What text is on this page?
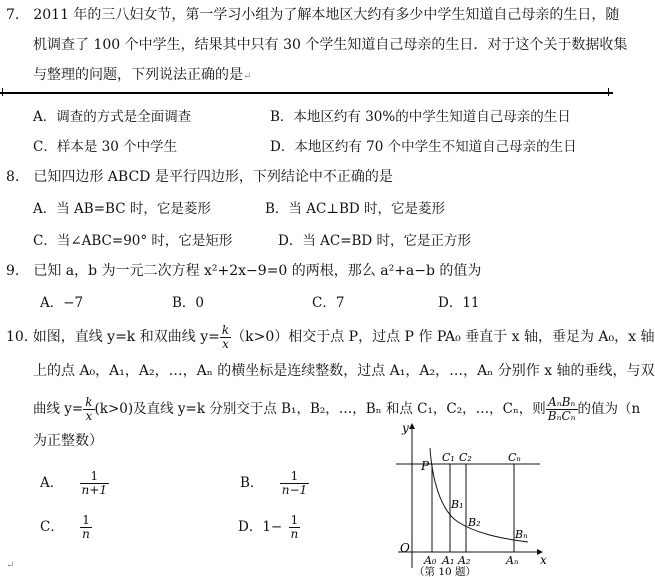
7.　2011 年的三八妇女节，第一学习小组为了解本地区大约有多少中学生知道自己母亲的生日，随
机调查了 100 个中学生，结果其中只有 30 个学生知道自己母亲的生日．对于这个关于数据收集
与整理的问题，下列说法正确的是↵
A．调查的方式是全面调查	B．本地区约有 30%的中学生知道自己母亲的生日
C．样本是 30 个中学生	D．本地区约有 70 个中学生不知道自己母亲的生日
8.　已知四边形 ABCD 是平行四边形，下列结论中不正确的是
A．当 AB=BC 时，它是菱形	B．当 AC⊥BD 时，它是菱形
C．当∠ABC=90° 时，它是矩形	D．当 AC=BD 时，它是正方形
9.　已知 a，b 为一元二次方程 x²+2x−9=0 的两根，那么 a²+a−b 的值为
A．−7	B．0	C．7	D．11
10. 如图，直线 y=k 和双曲线 $y= \frac{k}{x} (k>0)$相交于点 P，过点 P 作 PA₀ 垂直于 x 轴，垂足为 A₀，x 轴
上的点 A₀，A₁，A₂，…，Aₙ 的横坐标是连续整数，过点 A₁，A₂，…，Aₙ 分别作 x 轴的垂线，与双
曲线 $y= \frac{k}{x} (k>0)$及直线 y=k 分别交于点 B₁，B₂，…，Bₙ 和点 C₁，C₂，…，Cₙ，则 $\frac{\text{AₙBₙ}}{\text{BₙCₙ}}$ 的值为（n
为正整数）
A． $\frac{1}{n+1}$	B． $\frac{1}{n-1}$
C． $\frac{1}{n}$	D．$1- \frac{1}{n}$
↵
y
x
O
P
C₁ C₂	Cₙ
B₁
B₂
Bₙ
A₀ A₁ A₂	Aₙ
（第 10 题）
